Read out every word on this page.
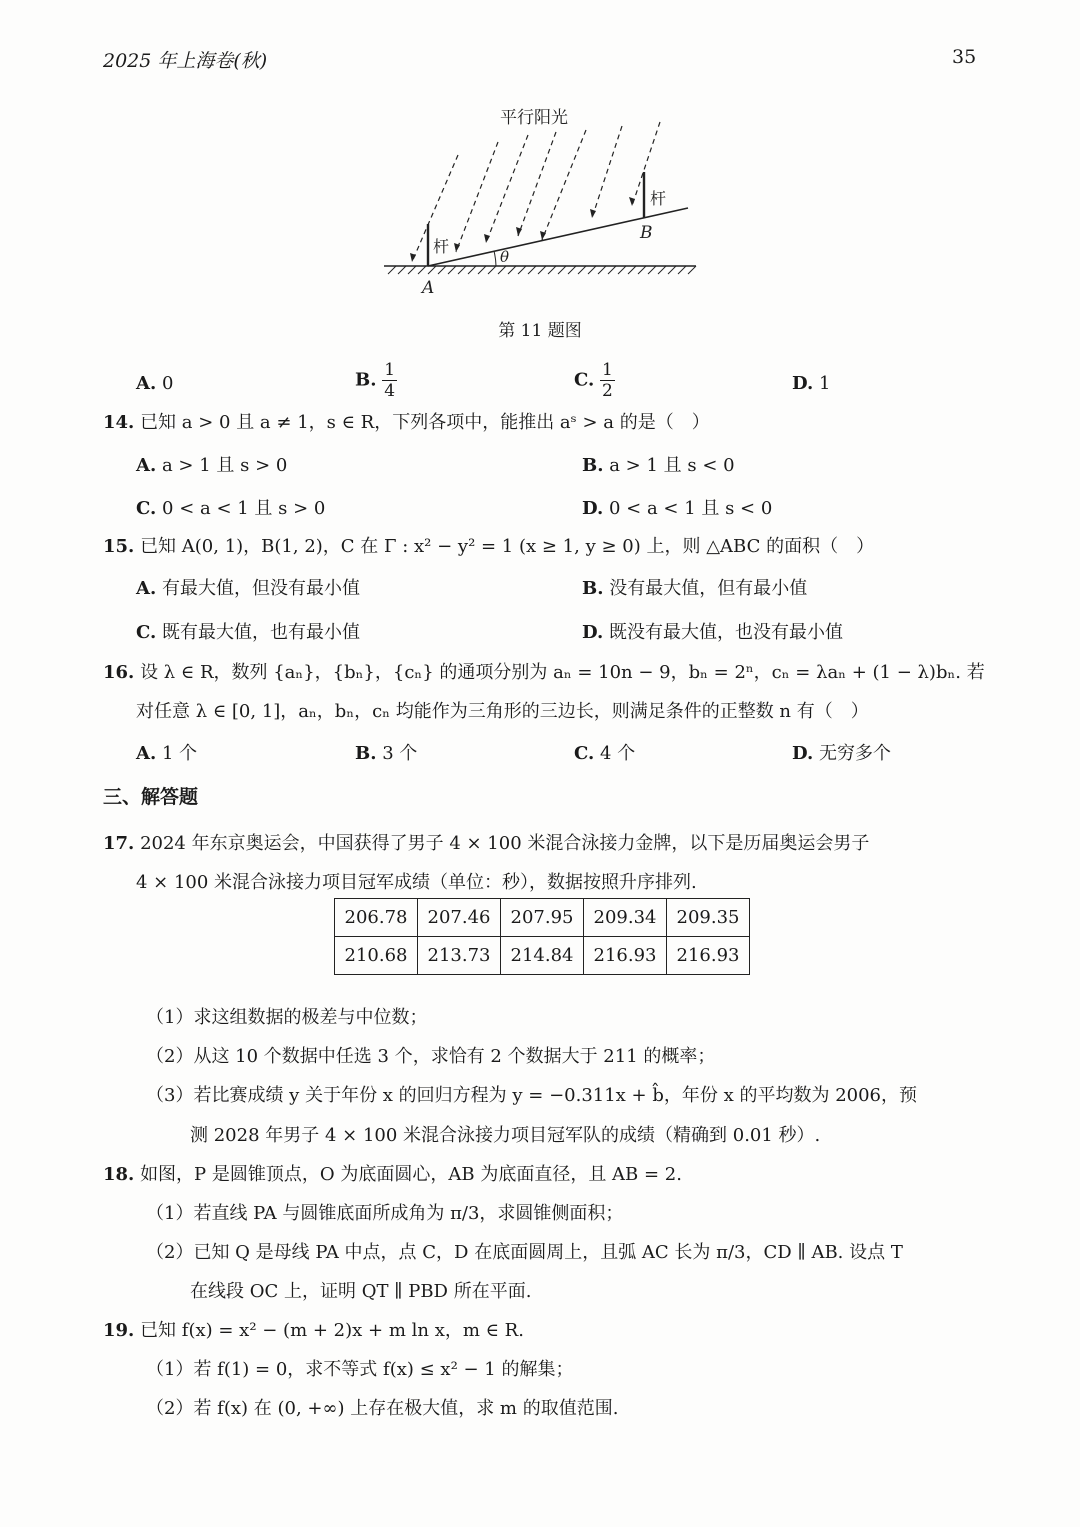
2025 年上海卷(秋)	35
平行阳光
杆
杆
A
B
θ
第 11 题图
A. 0	B. $\frac{1}{4}$	C. $\frac{1}{2}$	D. 1
14. 已知 a > 0 且 a ≠ 1，s ∈ R，下列各项中，能推出 aˢ > a 的是（　）
A. a > 1 且 s > 0	B. a > 1 且 s < 0
C. 0 < a < 1 且 s > 0	D. 0 < a < 1 且 s < 0
15. 已知 A(0, 1)，B(1, 2)，C 在 Γ : x² − y² = 1 (x ≥ 1, y ≥ 0) 上，则 △ABC 的面积（　）
A. 有最大值，但没有最小值	B. 没有最大值，但有最小值
C. 既有最大值，也有最小值	D. 既没有最大值，也没有最小值
16. 设 λ ∈ R，数列 {aₙ}，{bₙ}，{cₙ} 的通项分别为 aₙ = 10n − 9，bₙ = 2ⁿ，cₙ = λaₙ + (1 − λ)bₙ. 若
对任意 λ ∈ [0, 1]，aₙ，bₙ，cₙ 均能作为三角形的三边长，则满足条件的正整数 n 有（　）
A. 1 个	B. 3 个	C. 4 个	D. 无穷多个
三、解答题
17. 2024 年东京奥运会，中国获得了男子 4 × 100 米混合泳接力金牌，以下是历届奥运会男子
4 × 100 米混合泳接力项目冠军成绩（单位：秒），数据按照升序排列.
206.78	207.46	207.95	209.34	209.35
210.68	213.73	214.84	216.93	216.93
（1）求这组数据的极差与中位数；
（2）从这 10 个数据中任选 3 个，求恰有 2 个数据大于 211 的概率；
（3）若比赛成绩 y 关于年份 x 的回归方程为 y = −0.311x + b̂，年份 x 的平均数为 2006，预
测 2028 年男子 4 × 100 米混合泳接力项目冠军队的成绩（精确到 0.01 秒）.
18. 如图，P 是圆锥顶点，O 为底面圆心，AB 为底面直径，且 AB = 2.
（1）若直线 PA 与圆锥底面所成角为 π/3，求圆锥侧面积；
（2）已知 Q 是母线 PA 中点，点 C，D 在底面圆周上，且弧 AC 长为 π/3，CD ∥ AB. 设点 T
在线段 OC 上，证明 QT ∥ PBD 所在平面.
19. 已知 f(x) = x² − (m + 2)x + m ln x，m ∈ R.
（1）若 f(1) = 0，求不等式 f(x) ≤ x² − 1 的解集；
（2）若 f(x) 在 (0, +∞) 上存在极大值，求 m 的取值范围.
